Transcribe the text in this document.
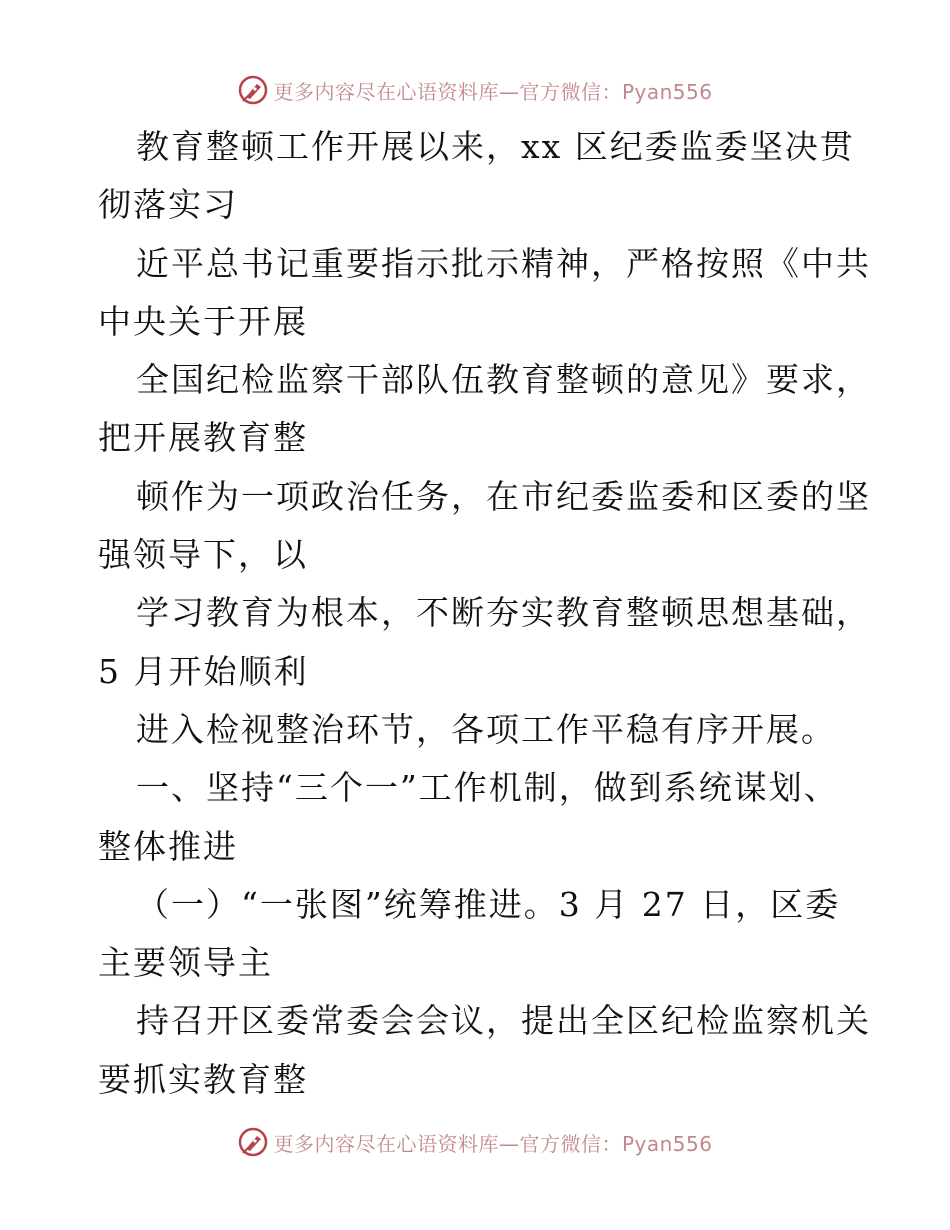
更多内容尽在心语资料库—官方微信：Pyan556
教育整顿工作开展以来，xx 区纪委监委坚决贯
彻落实习
近平总书记重要指示批示精神，严格按照《中共
中央关于开展
全国纪检监察干部队伍教育整顿的意见》要求，
把开展教育整
顿作为一项政治任务，在市纪委监委和区委的坚
强领导下，以
学习教育为根本，不断夯实教育整顿思想基础，
5 月开始顺利
进入检视整治环节，各项工作平稳有序开展。
一、坚持“三个一”工作机制，做到系统谋划、
整体推进
（一）“一张图”统筹推进。3 月 27 日，区委
主要领导主
持召开区委常委会会议，提出全区纪检监察机关
要抓实教育整
更多内容尽在心语资料库—官方微信：Pyan556
